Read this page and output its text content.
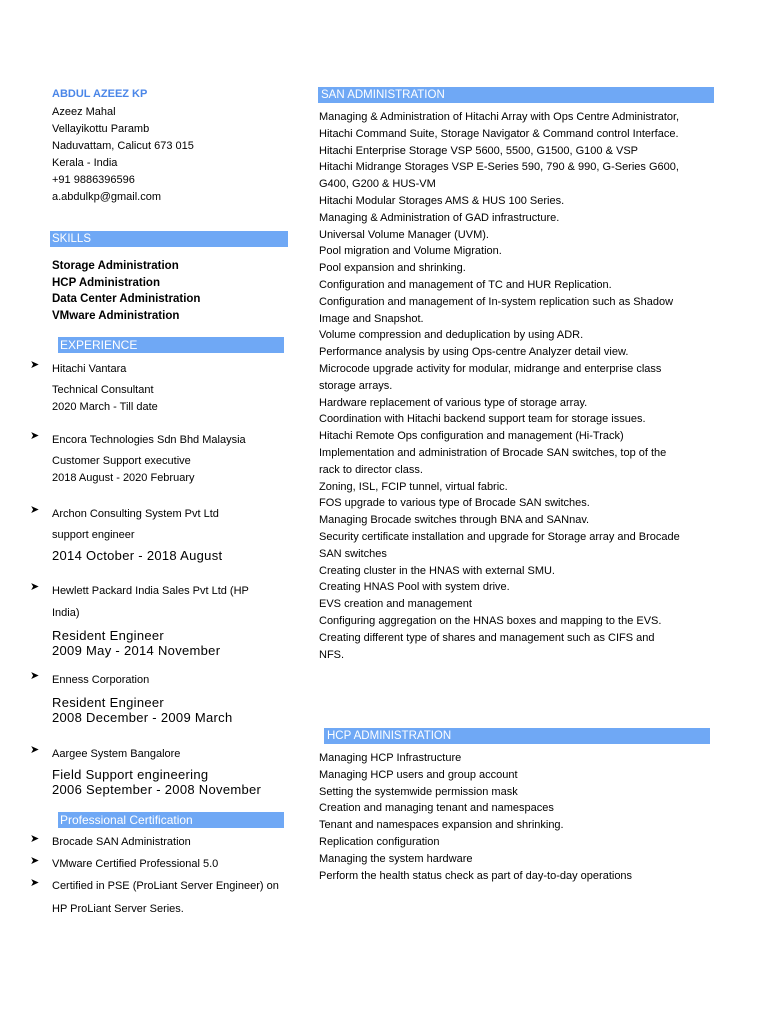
ABDUL AZEEZ KP
Azeez Mahal
Vellayikottu Paramb
Naduvattam, Calicut 673 015
Kerala - India
+91 9886396596
a.abdulkp@gmail.com
SKILLS
Storage Administration
HCP Administration
Data Center Administration
VMware Administration
EXPERIENCE
➤ Hitachi Vantara
Technical Consultant
2020 March - Till date
➤ Encora Technologies Sdn Bhd Malaysia
Customer Support executive
2018 August - 2020 February
➤ Archon Consulting System Pvt Ltd
support engineer
2014 October - 2018 August
➤ Hewlett Packard India Sales Pvt Ltd (HP
India)
Resident Engineer
2009 May - 2014 November
➤ Enness Corporation
Resident Engineer
2008 December - 2009 March
➤ Aargee System Bangalore
Field Support engineering
2006 September - 2008 November
Professional Certification
➤ Brocade SAN Administration
➤ VMware Certified Professional 5.0
➤ Certified in PSE (ProLiant Server Engineer) on
HP ProLiant Server Series.
SAN ADMINISTRATION
Managing & Administration of Hitachi Array with Ops Centre Administrator,
Hitachi Command Suite, Storage Navigator & Command control Interface.
Hitachi Enterprise Storage VSP 5600, 5500, G1500, G100 & VSP
Hitachi Midrange Storages VSP E-Series 590, 790 & 990, G-Series G600,
G400, G200 & HUS-VM
Hitachi Modular Storages AMS & HUS 100 Series.
Managing & Administration of GAD infrastructure.
Universal Volume Manager (UVM).
Pool migration and Volume Migration.
Pool expansion and shrinking.
Configuration and management of TC and HUR Replication.
Configuration and management of In-system replication such as Shadow
Image and Snapshot.
Volume compression and deduplication by using ADR.
Performance analysis by using Ops-centre Analyzer detail view.
Microcode upgrade activity for modular, midrange and enterprise class
storage arrays.
Hardware replacement of various type of storage array.
Coordination with Hitachi backend support team for storage issues.
Hitachi Remote Ops configuration and management (Hi-Track)
Implementation and administration of Brocade SAN switches, top of the
rack to director class.
Zoning, ISL, FCIP tunnel, virtual fabric.
FOS upgrade to various type of Brocade SAN switches.
Managing Brocade switches through BNA and SANnav.
Security certificate installation and upgrade for Storage array and Brocade
SAN switches
Creating cluster in the HNAS with external SMU.
Creating HNAS Pool with system drive.
EVS creation and management
Configuring aggregation on the HNAS boxes and mapping to the EVS.
Creating different type of shares and management such as CIFS and
NFS.
HCP ADMINISTRATION
Managing HCP Infrastructure
Managing HCP users and group account
Setting the systemwide permission mask
Creation and managing tenant and namespaces
Tenant and namespaces expansion and shrinking.
Replication configuration
Managing the system hardware
Perform the health status check as part of day-to-day operations
